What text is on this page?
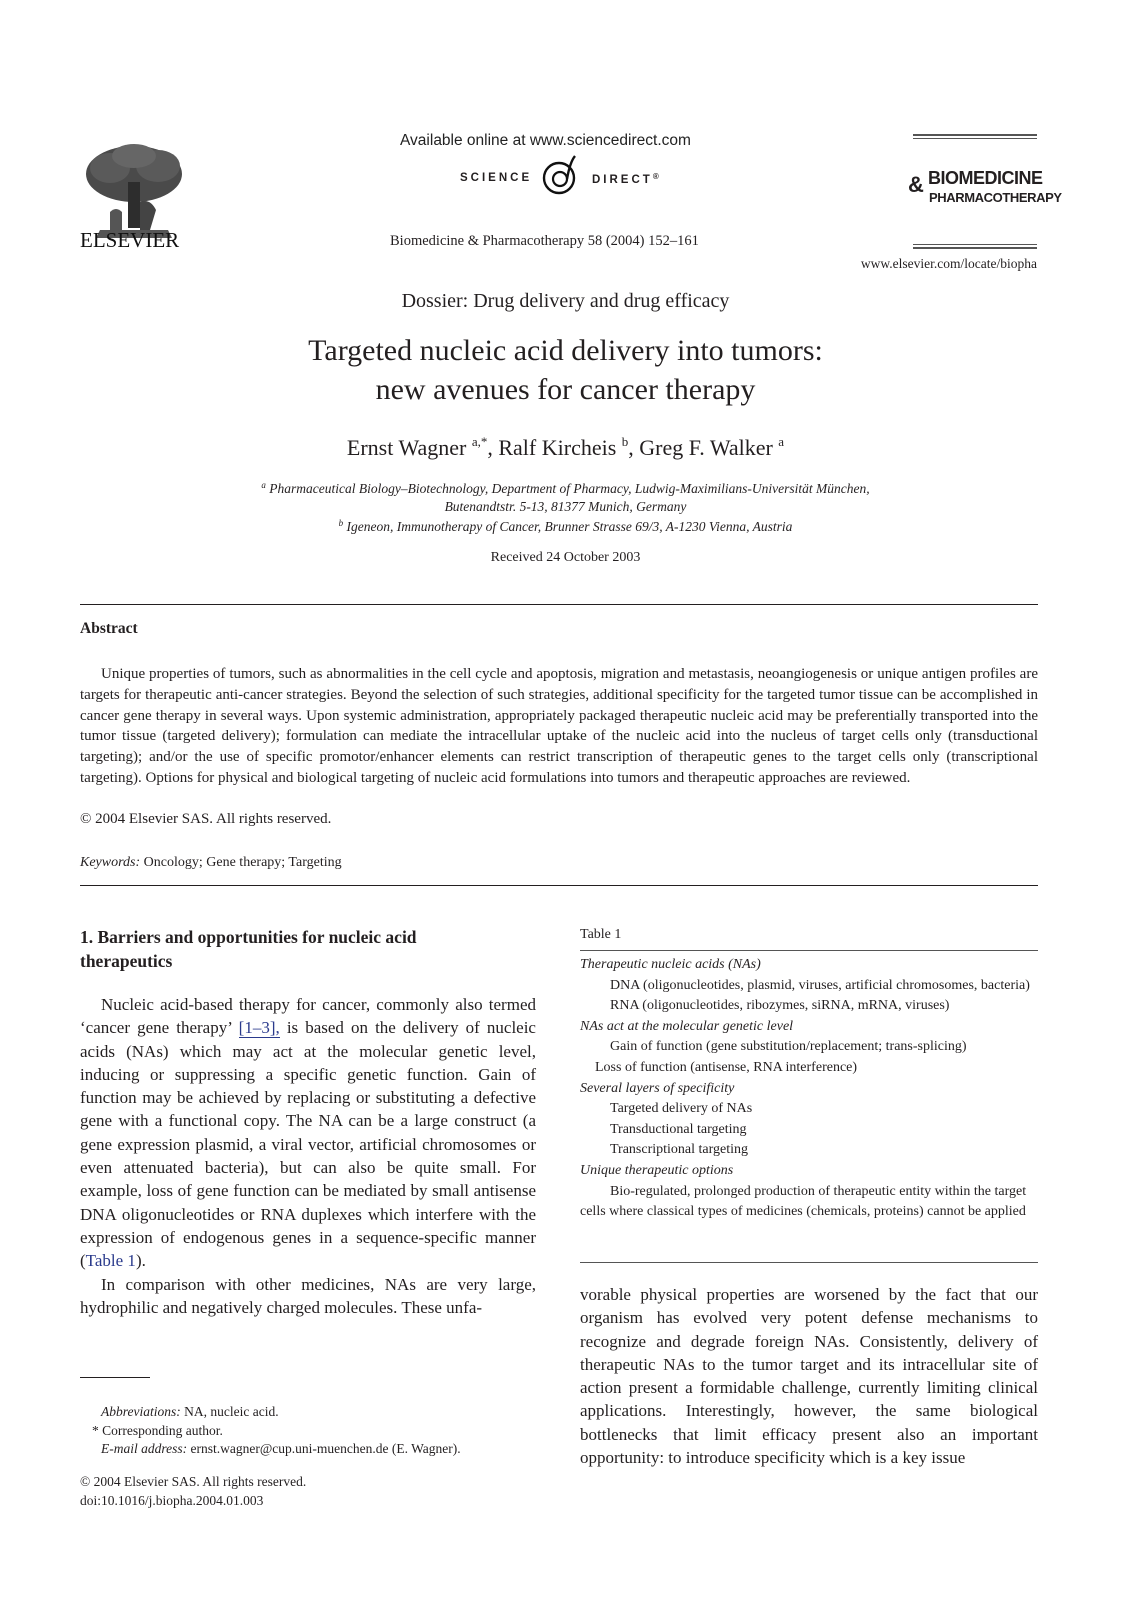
ELSEVIER
Available online at www.sciencedirect.com
SCIENCE	DIRECT®
Biomedicine & Pharmacotherapy 58 (2004) 152–161
& BIOMEDICINE
PHARMACOTHERAPY
www.elsevier.com/locate/biopha
Dossier: Drug delivery and drug efficacy
Targeted nucleic acid delivery into tumors:
new avenues for cancer therapy
Ernst Wagner $^{a,*}$, Ralf Kircheis $^b$, Greg F. Walker $^a$
$^a$ Pharmaceutical Biology–Biotechnology, Department of Pharmacy, Ludwig-Maximilians-Universität München,
Butenandtstr. 5-13, 81377 Munich, Germany
$^b$ Igeneon, Immunotherapy of Cancer, Brunner Strasse 69/3, A-1230 Vienna, Austria
Received 24 October 2003
Abstract
Unique properties of tumors, such as abnormalities in the cell cycle and apoptosis, migration and metastasis, neoangiogenesis or unique antigen profiles are targets for therapeutic anti-cancer strategies. Beyond the selection of such strategies, additional specificity for the targeted tumor tissue can be accomplished in cancer gene therapy in several ways. Upon systemic administration, appropriately packaged therapeutic nucleic acid may be preferentially transported into the tumor tissue (targeted delivery); formulation can mediate the intracellular uptake of the nucleic acid into the nucleus of target cells only (transductional targeting); and/or the use of specific promotor/enhancer elements can restrict transcription of therapeutic genes to the target cells only (transcriptional targeting). Options for physical and biological targeting of nucleic acid formulations into tumors and therapeutic approaches are reviewed.
© 2004 Elsevier SAS. All rights reserved.
Keywords: Oncology; Gene therapy; Targeting
1. Barriers and opportunities for nucleic acid therapeutics

Nucleic acid-based therapy for cancer, commonly also termed ‘cancer gene therapy’ [1–3], is based on the delivery of nucleic acids (NAs) which may act at the molecular genetic level, inducing or suppressing a specific genetic function. Gain of function may be achieved by replacing or substituting a defective gene with a functional copy. The NA can be a large construct (a gene expression plasmid, a viral vector, artificial chromosomes or even attenuated bacteria), but can also be quite small. For example, loss of gene function can be mediated by small antisense DNA oligonucleotides or RNA duplexes which interfere with the expression of endogenous genes in a sequence-specific manner (Table 1).

In comparison with other medicines, NAs are very large, hydrophilic and negatively charged molecules. These unfa-

Abbreviations: NA, nucleic acid.
* Corresponding author.
E-mail address: ernst.wagner@cup.uni-muenchen.de (E. Wagner).
© 2004 Elsevier SAS. All rights reserved.
doi:10.1016/j.biopha.2004.01.003
Table 1
Therapeutic nucleic acids (NAs)
DNA (oligonucleotides, plasmid, viruses, artificial chromosomes, bacteria)
RNA (oligonucleotides, ribozymes, siRNA, mRNA, viruses)
NAs act at the molecular genetic level
Gain of function (gene substitution/replacement; trans-splicing)
Loss of function (antisense, RNA interference)
Several layers of specificity
Targeted delivery of NAs
Transductional targeting
Transcriptional targeting
Unique therapeutic options
Bio-regulated, prolonged production of therapeutic entity within the target cells where classical types of medicines (chemicals, proteins) cannot be applied

vorable physical properties are worsened by the fact that our organism has evolved very potent defense mechanisms to recognize and degrade foreign NAs. Consistently, delivery of therapeutic NAs to the tumor target and its intracellular site of action present a formidable challenge, currently limiting clinical applications. Interestingly, however, the same biological bottlenecks that limit efficacy present also an important opportunity: to introduce specificity which is a key issue
